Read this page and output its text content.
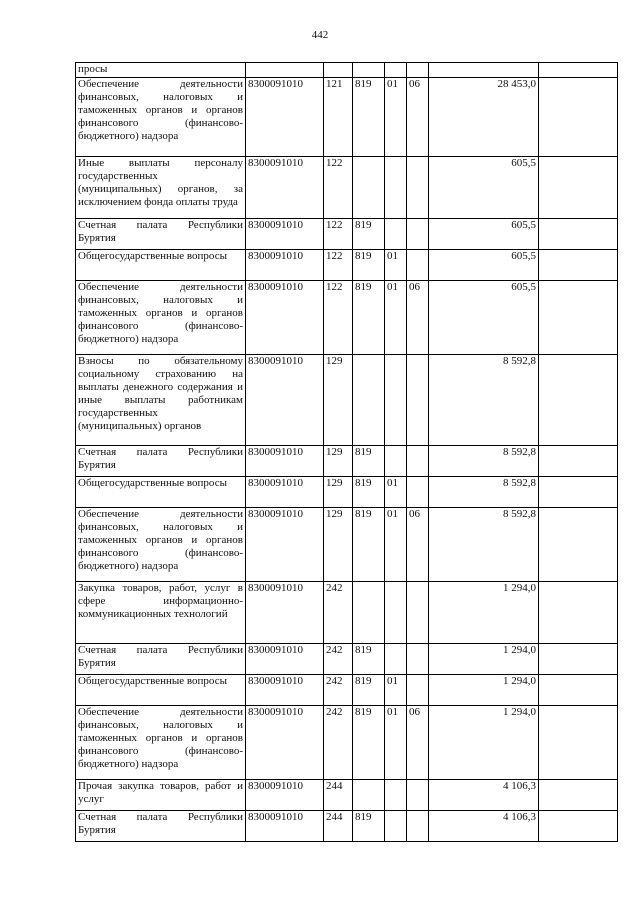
442
просы							
Обеспечение деятельности финансовых, налоговых и таможенных органов и органов финансового (финансово-бюджетного) надзора	8300091010	121	819	01	06	28 453,0	
Иные выплаты персоналу государственных (муниципальных) органов, за исключением фонда оплаты труда	8300091010	122				605,5	
Счетная палата Республики Бурятия	8300091010	122	819			605,5	
Общегосударственные вопросы	8300091010	122	819	01		605,5	
Обеспечение деятельности финансовых, налоговых и таможенных органов и органов финансового (финансово-бюджетного) надзора	8300091010	122	819	01	06	605,5	
Взносы по обязательному социальному страхованию на выплаты денежного содержания и иные выплаты работникам государственных (муниципальных) органов	8300091010	129				8 592,8	
Счетная палата Республики Бурятия	8300091010	129	819			8 592,8	
Общегосударственные вопросы	8300091010	129	819	01		8 592,8	
Обеспечение деятельности финансовых, налоговых и таможенных органов и органов финансового (финансово-бюджетного) надзора	8300091010	129	819	01	06	8 592,8	
Закупка товаров, работ, услуг в сфере информационно-коммуникационных технологий	8300091010	242				1 294,0	
Счетная палата Республики Бурятия	8300091010	242	819			1 294,0	
Общегосударственные вопросы	8300091010	242	819	01		1 294,0	
Обеспечение деятельности финансовых, налоговых и таможенных органов и органов финансового (финансово-бюджетного) надзора	8300091010	242	819	01	06	1 294,0	
Прочая закупка товаров, работ и услуг	8300091010	244				4 106,3	
Счетная палата Республики Бурятия	8300091010	244	819			4 106,3	
